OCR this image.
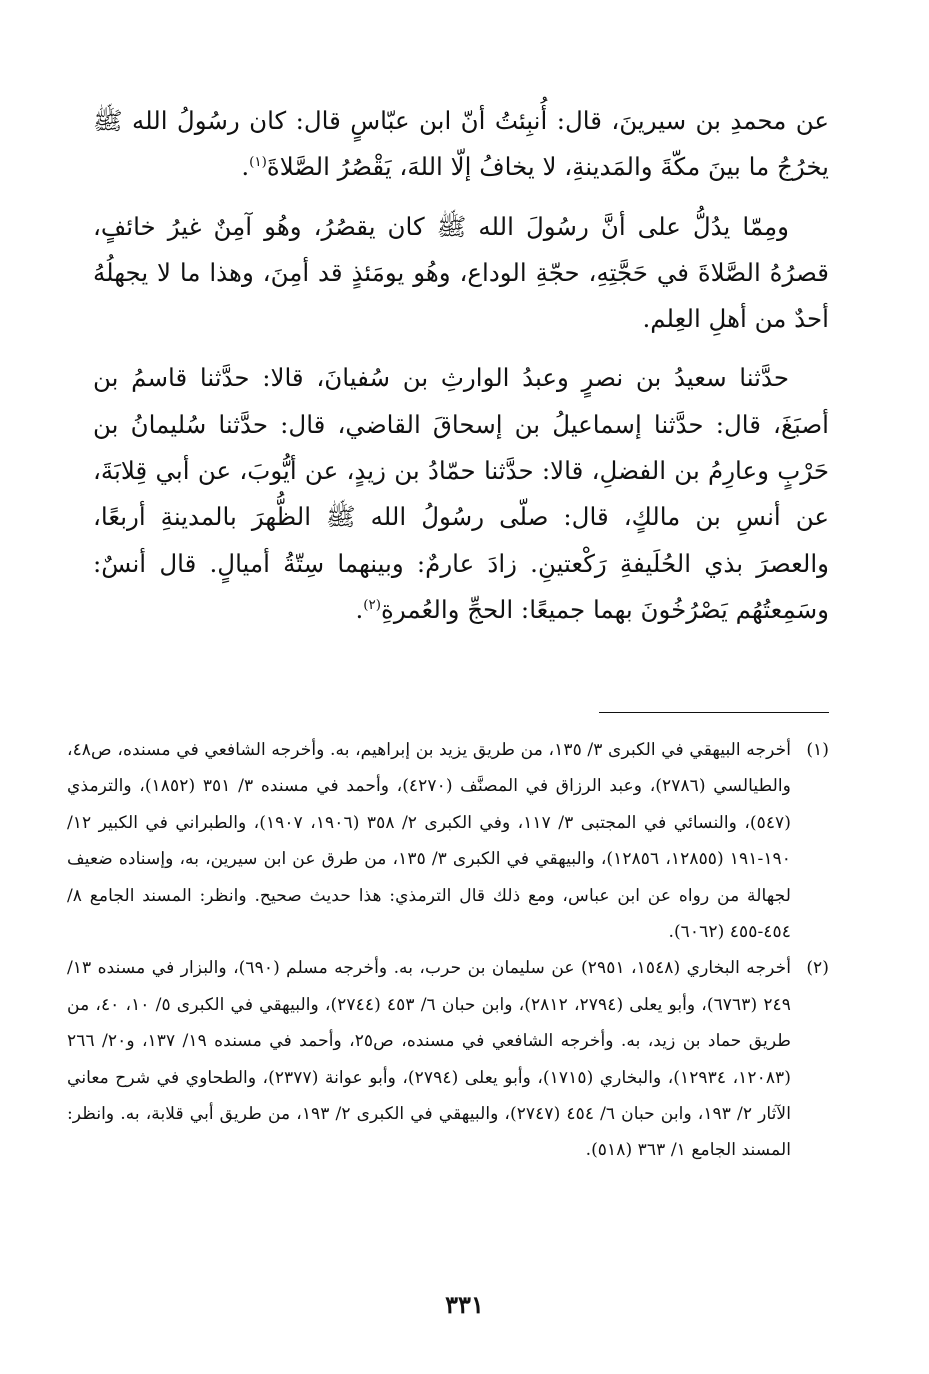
عن محمدِ بن سيرينَ، قال: أُنبِئتُ أنّ ابن عبّاسٍ قال: كان رسُولُ الله ﷺ يخرُجُ ما بينَ مكّةَ والمَدينةِ، لا يخافُ إلّا اللهَ، يَقْصُرُ الصَّلاةَ$^{(١)}$.

ومِمّا يدُلُّ على أنَّ رسُولَ الله ﷺ كان يقصُرُ، وهُو آمِنٌ غيرُ خائفٍ، قصرُهُ الصَّلاةَ في حَجَّتِهِ، حجّةِ الوداع، وهُو يومَئذٍ قد أمِنَ، وهذا ما لا يجهلُهُ أحدٌ من أهلِ العِلم.

حدَّثنا سعيدُ بن نصرٍ وعبدُ الوارثِ بن سُفيانَ، قالا: حدَّثنا قاسمُ بن أصبَغَ، قال: حدَّثنا إسماعيلُ بن إسحاقَ القاضي، قال: حدَّثنا سُليمانُ بن حَرْبٍ وعارِمُ بن الفضلِ، قالا: حدَّثنا حمّادُ بن زيدٍ، عن أيُّوبَ، عن أبي قِلابَةَ، عن أنسِ بن مالكٍ، قال: صلّى رسُولُ الله ﷺ الظُّهرَ بالمدينةِ أربعًا، والعصرَ بذي الحُلَيفةِ رَكْعتينِ. زادَ عارمٌ: وبينهما سِتّةُ أميالٍ. قال أنسٌ: وسَمِعتُهُم يَصْرُخُونَ بهما جميعًا: الحجِّ والعُمرةِ$^{(٢)}$.

(١)

أخرجه البيهقي في الكبرى ٣/ ١٣٥، من طريق يزيد بن إبراهيم، به. وأخرجه الشافعي في مسنده، ص٤٨، والطيالسي (٢٧٨٦)، وعبد الرزاق في المصنَّف (٤٢٧٠)، وأحمد في مسنده ٣/ ٣٥١ (١٨٥٢)، والترمذي (٥٤٧)، والنسائي في المجتبى ٣/ ١١٧، وفي الكبرى ٢/ ٣٥٨ (١٩٠٦، ١٩٠٧)، والطبراني في الكبير ١٢/ ١٩٠-١٩١ (١٢٨٥٥، ١٢٨٥٦)، والبيهقي في الكبرى ٣/ ١٣٥، من طرق عن ابن سيرين، به، وإسناده ضعيف لجهالة من رواه عن ابن عباس، ومع ذلك قال الترمذي: هذا حديث صحيح. وانظر: المسند الجامع ٨/ ٤٥٤-٤٥٥ (٦٠٦٢).

(٢)

أخرجه البخاري (١٥٤٨، ٢٩٥١) عن سليمان بن حرب، به. وأخرجه مسلم (٦٩٠)، والبزار في مسنده ١٣/ ٢٤٩ (٦٧٦٣)، وأبو يعلى (٢٧٩٤، ٢٨١٢)، وابن حبان ٦/ ٤٥٣ (٢٧٤٤)، والبيهقي في الكبرى ٥/ ١٠، ٤٠، من طريق حماد بن زيد، به. وأخرجه الشافعي في مسنده، ص٢٥، وأحمد في مسنده ١٩/ ١٣٧، و٢٠/ ٢٦٦ (١٢٠٨٣، ١٢٩٣٤)، والبخاري (١٧١٥)، وأبو يعلى (٢٧٩٤)، وأبو عوانة (٢٣٧٧)، والطحاوي في شرح معاني الآثار ٢/ ١٩٣، وابن حبان ٦/ ٤٥٤ (٢٧٤٧)، والبيهقي في الكبرى ٢/ ١٩٣، من طريق أبي قلابة، به. وانظر: المسند الجامع ١/ ٣٦٣ (٥١٨).

٣٣١
